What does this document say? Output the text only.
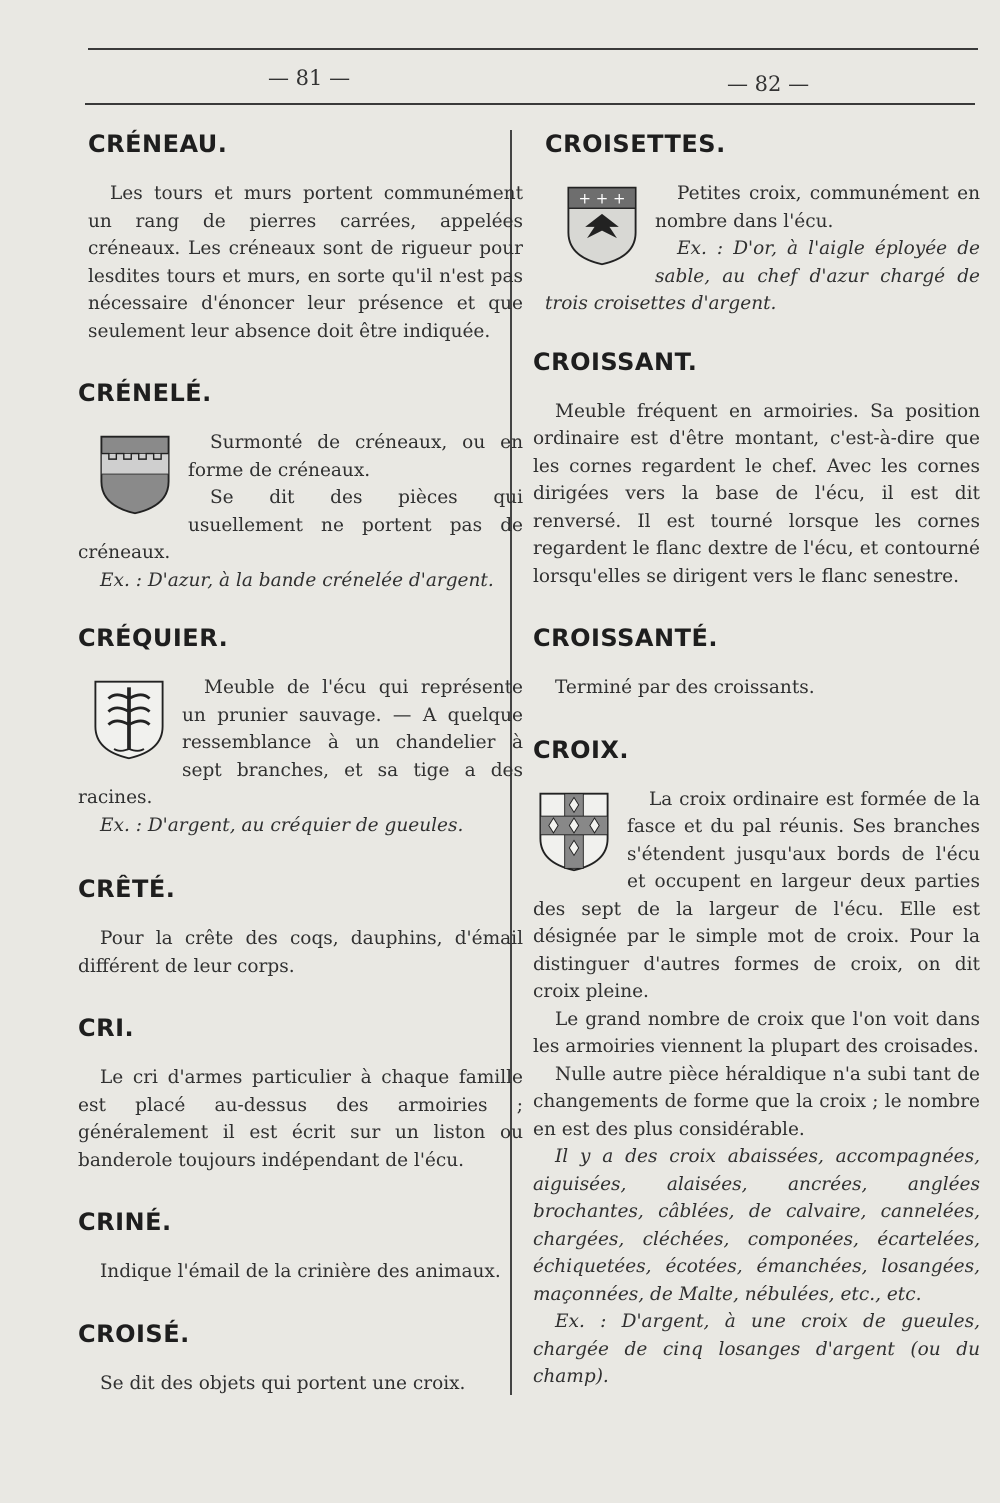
— 81 —	— 82 —
CRÉNEAU.

Les tours et murs portent communément un rang de pierres carrées, appelées créneaux. Les créneaux sont de rigueur pour lesdites tours et murs, en sorte qu'il n'est pas nécessaire d'énoncer leur présence et que seulement leur absence doit être indiquée.

CRÉNELÉ.

Surmonté de créneaux, ou en forme de créneaux.

Se dit des pièces qui usuellement ne portent pas de créneaux.

Ex. : D'azur, à la bande crénelée d'argent.

CRÉQUIER.

Meuble de l'écu qui représente un prunier sauvage. — A quelque ressemblance à un chandelier à sept branches, et sa tige a des racines.

Ex. : D'argent, au créquier de gueules.

CRÊTÉ.

Pour la crête des coqs, dauphins, d'émail différent de leur corps.

CRI.

Le cri d'armes particulier à chaque famille est placé au-dessus des armoiries ; généralement il est écrit sur un liston ou banderole toujours indépendant de l'écu.

CRINÉ.

Indique l'émail de la crinière des animaux.

CROISÉ.

Se dit des objets qui portent une croix.

CROISETTES.
+ + +	Petites croix, communément en nombre dans l'écu.

Ex. : D'or, à l'aigle éployée de sable, au chef d'azur chargé de trois croisettes d'argent.

CROISSANT.

Meuble fréquent en armoiries. Sa position ordinaire est d'être montant, c'est-à-dire que les cornes regardent le chef. Avec les cornes dirigées vers la base de l'écu, il est dit renversé. Il est tourné lorsque les cornes regardent le flanc dextre de l'écu, et contourné lorsqu'elles se dirigent vers le flanc senestre.

CROISSANTÉ.

Terminé par des croissants.

CROIX.

La croix ordinaire est formée de la fasce et du pal réunis. Ses branches s'étendent jusqu'aux bords de l'écu et occupent en largeur deux parties des sept de la largeur de l'écu. Elle est désignée par le simple mot de croix. Pour la distinguer d'autres formes de croix, on dit croix pleine.

Le grand nombre de croix que l'on voit dans les armoiries viennent la plupart des croisades.

Nulle autre pièce héraldique n'a subi tant de changements de forme que la croix ; le nombre en est des plus considérable.

Il y a des croix abaissées, accompagnées, aiguisées, alaisées, ancrées, anglées brochantes, câblées, de calvaire, cannelées, chargées, cléchées, componées, écartelées, échiquetées, écotées, émanchées, losangées, maçonnées, de Malte, nébulées, etc., etc.

Ex. : D'argent, à une croix de gueules, chargée de cinq losanges d'argent (ou du champ).
